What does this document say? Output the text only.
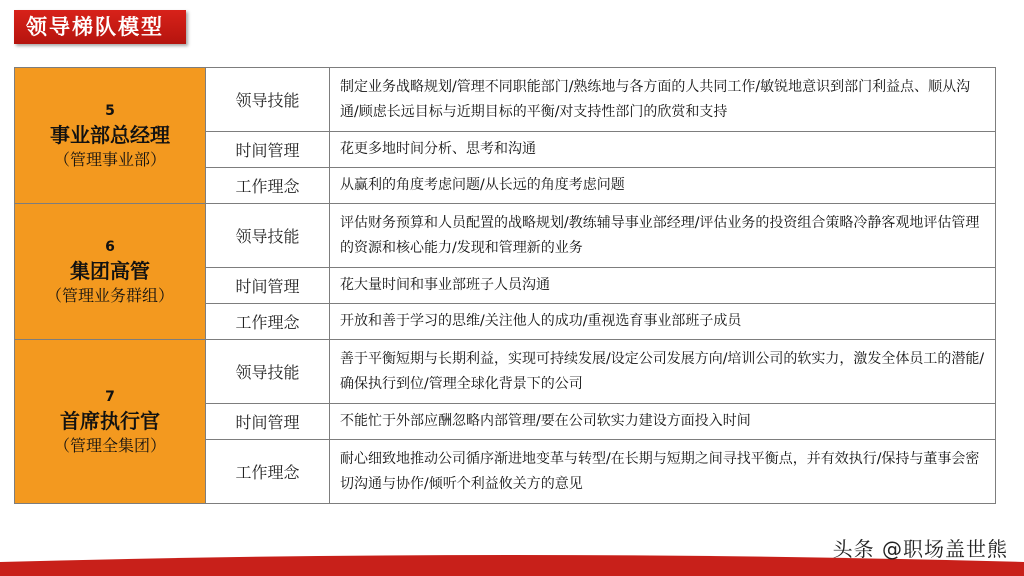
领导梯队模型
5
事业部总经理
（管理事业部）	领导技能	制定业务战略规划/管理不同职能部门/熟练地与各方面的人共同工作/敏锐地意识到部门利益点、顺从沟通/顾虑长远目标与近期目标的平衡/对支持性部门的欣赏和支持
	时间管理	花更多地时间分析、思考和沟通
	工作理念	从赢利的角度考虑问题/从长远的角度考虑问题

6
集团高管
（管理业务群组）	领导技能	评估财务预算和人员配置的战略规划/教练辅导事业部经理/评估业务的投资组合策略冷静客观地评估管理的资源和核心能力/发现和管理新的业务
	时间管理	花大量时间和事业部班子人员沟通
	工作理念	开放和善于学习的思维/关注他人的成功/重视选育事业部班子成员

7
首席执行官
（管理全集团）	领导技能	善于平衡短期与长期利益，实现可持续发展/设定公司发展方向/培训公司的软实力，激发全体员工的潜能/确保执行到位/管理全球化背景下的公司
	时间管理	不能忙于外部应酬忽略内部管理/要在公司软实力建设方面投入时间
	工作理念	耐心细致地推动公司循序渐进地变革与转型/在长期与短期之间寻找平衡点，并有效执行/保持与董事会密切沟通与协作/倾听个利益攸关方的意见
头条 @职场盖世熊
